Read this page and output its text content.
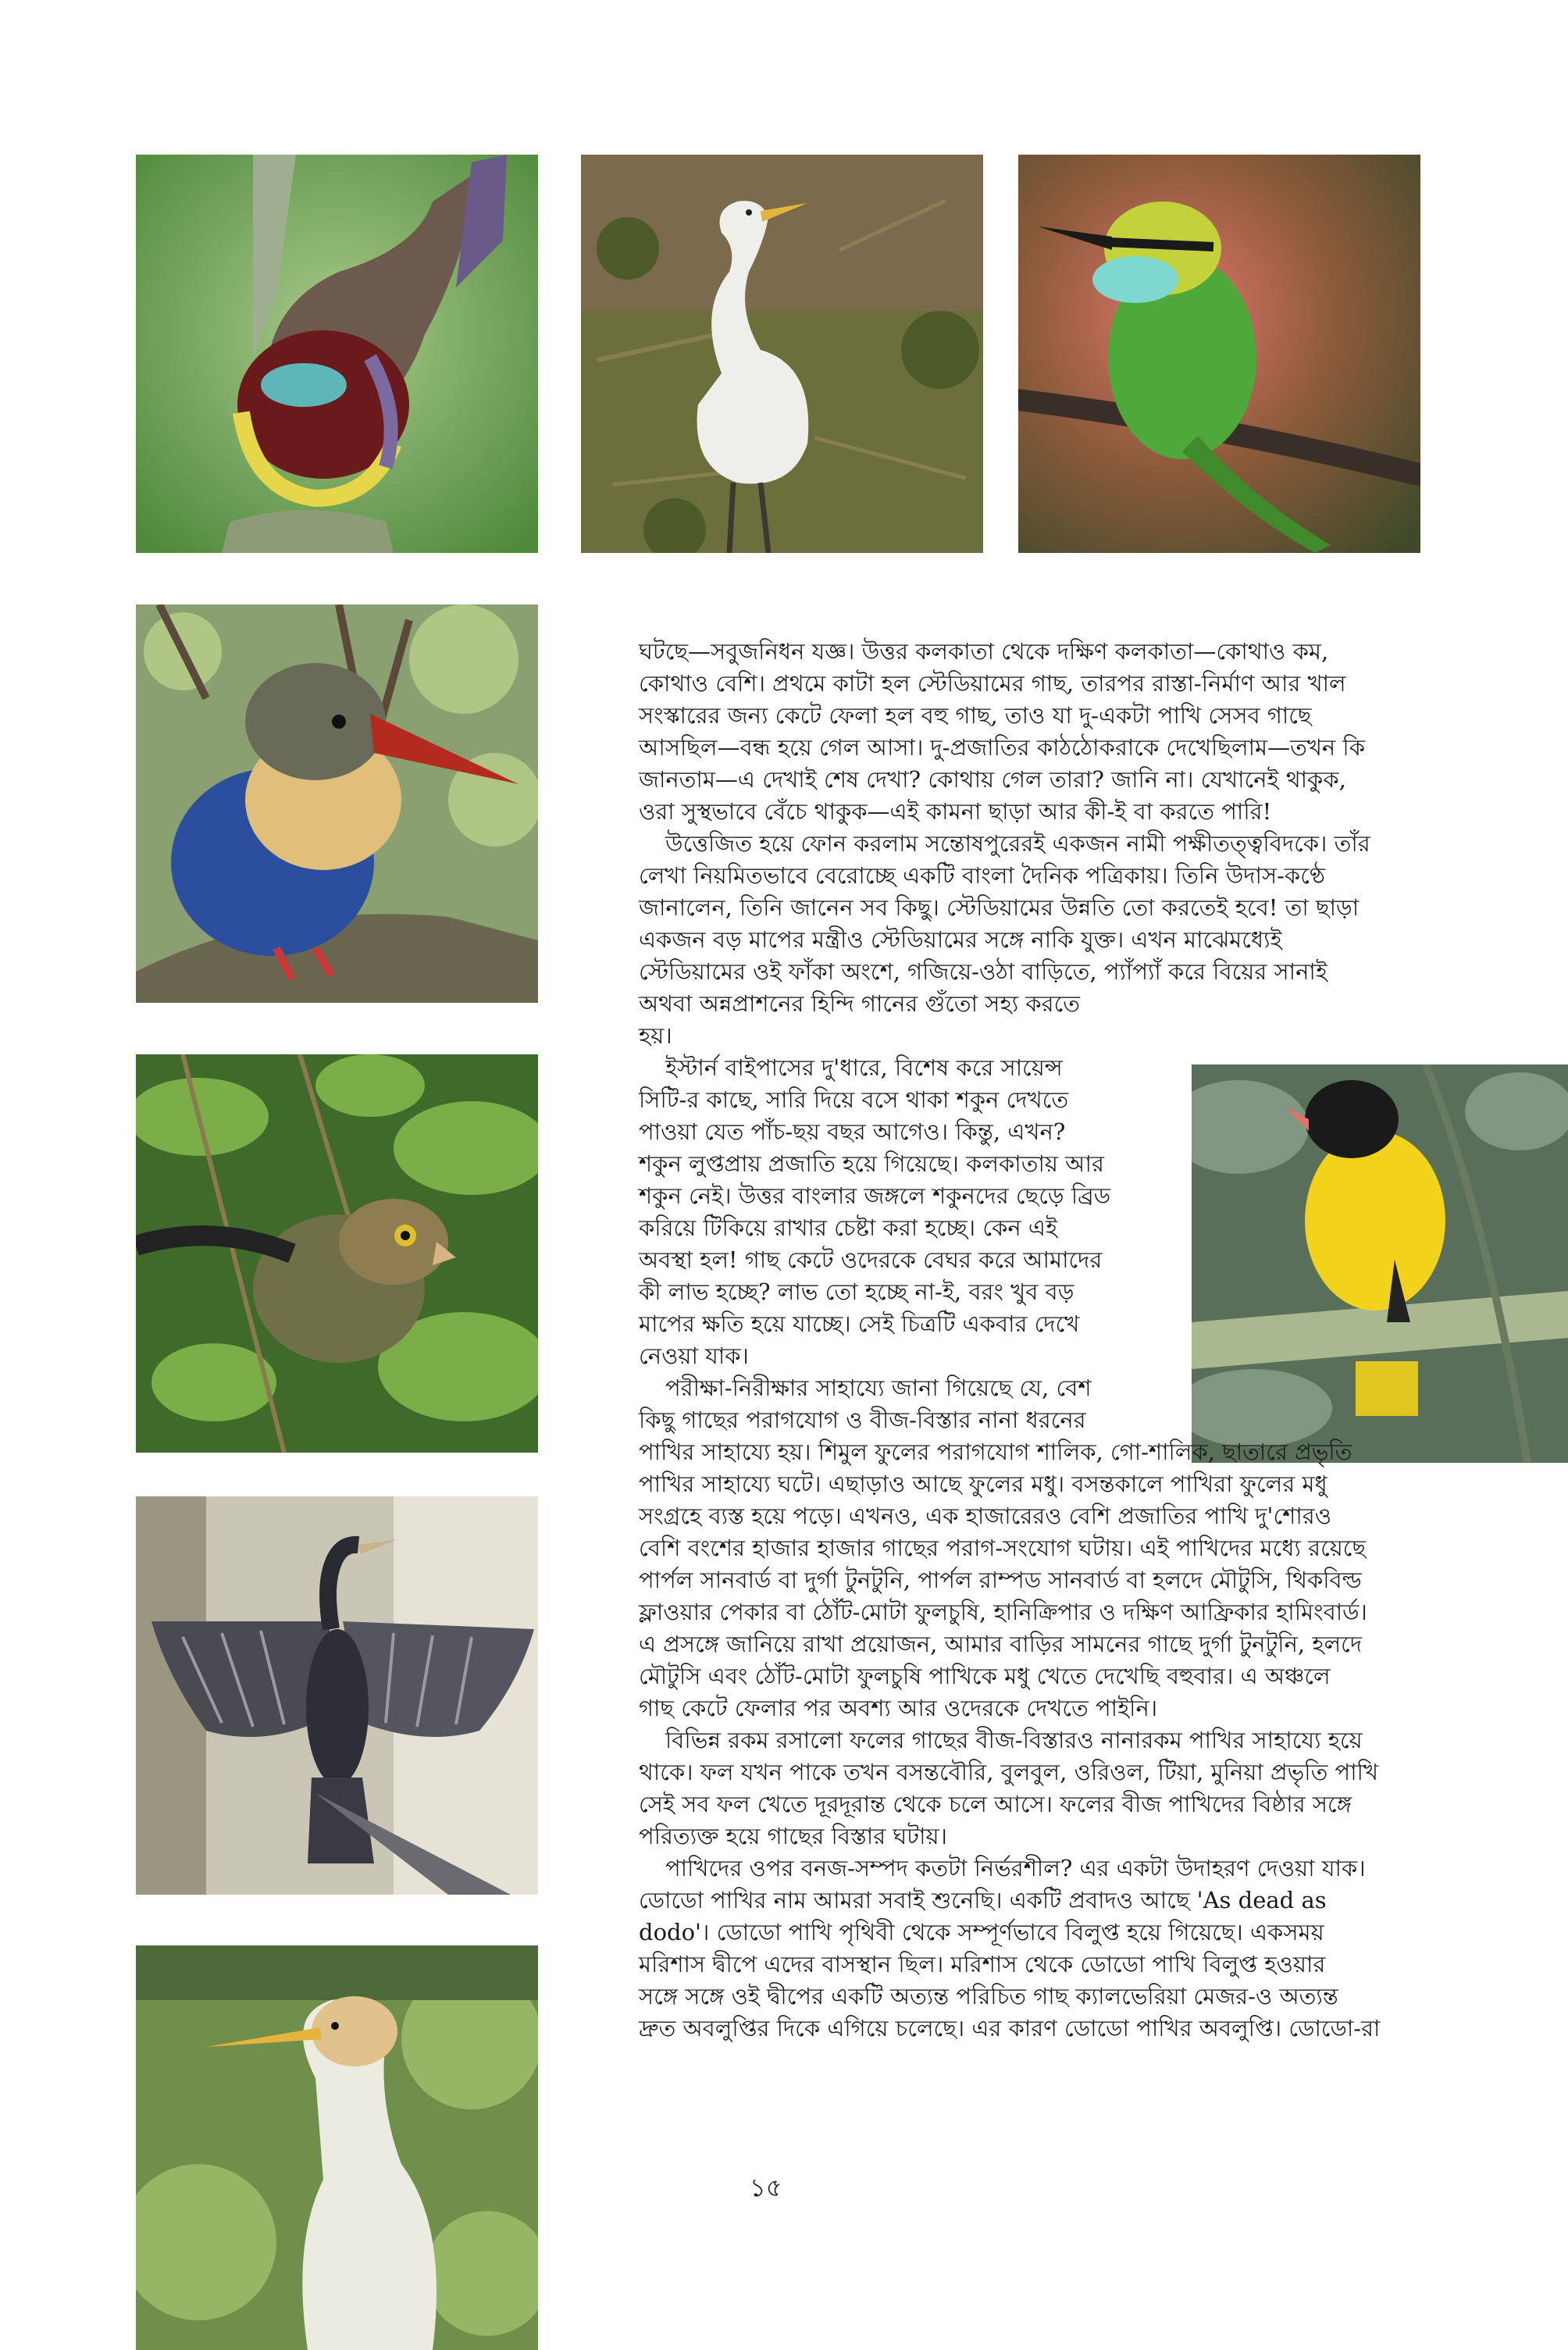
ঘটছে—সবুজনিধন যজ্ঞ। উত্তর কলকাতা থেকে দক্ষিণ কলকাতা—কোথাও কম,
কোথাও বেশি। প্রথমে কাটা হল স্টেডিয়ামের গাছ, তারপর রাস্তা-নির্মাণ আর খাল
সংস্কারের জন্য কেটে ফেলা হল বহু গাছ, তাও যা দু-একটা পাখি সেসব গাছে
আসছিল—বন্ধ হয়ে গেল আসা। দু-প্রজাতির কাঠঠোকরাকে দেখেছিলাম—তখন কি
জানতাম—এ দেখাই শেষ দেখা? কোথায় গেল তারা? জানি না। যেখানেই থাকুক,
ওরা সুস্থভাবে বেঁচে থাকুক—এই কামনা ছাড়া আর কী-ই বা করতে পারি!
উত্তেজিত হয়ে ফোন করলাম সন্তোষপুরেরই একজন নামী পক্ষীতত্ত্ববিদকে। তাঁর
লেখা নিয়মিতভাবে বেরোচ্ছে একটি বাংলা দৈনিক পত্রিকায়। তিনি উদাস-কণ্ঠে
জানালেন, তিনি জানেন সব কিছু। স্টেডিয়ামের উন্নতি তো করতেই হবে! তা ছাড়া
একজন বড় মাপের মন্ত্রীও স্টেডিয়ামের সঙ্গে নাকি যুক্ত। এখন মাঝেমধ্যেই
স্টেডিয়ামের ওই ফাঁকা অংশে, গজিয়ে-ওঠা বাড়িতে, প্যাঁপ্যাঁ করে বিয়ের সানাই
অথবা অন্নপ্রাশনের হিন্দি গানের গুঁতো সহ্য করতে
হয়।
ইস্টার্ন বাইপাসের দু'ধারে, বিশেষ করে সায়েন্স
সিটি-র কাছে, সারি দিয়ে বসে থাকা শকুন দেখতে
পাওয়া যেত পাঁচ-ছয় বছর আগেও। কিন্তু, এখন?
শকুন লুপ্তপ্রায় প্রজাতি হয়ে গিয়েছে। কলকাতায় আর
শকুন নেই। উত্তর বাংলার জঙ্গলে শকুনদের ছেড়ে ব্রিড
করিয়ে টিকিয়ে রাখার চেষ্টা করা হচ্ছে। কেন এই
অবস্থা হল! গাছ কেটে ওদেরকে বেঘর করে আমাদের
কী লাভ হচ্ছে? লাভ তো হচ্ছে না-ই, বরং খুব বড়
মাপের ক্ষতি হয়ে যাচ্ছে। সেই চিত্রটি একবার দেখে
নেওয়া যাক।
পরীক্ষা-নিরীক্ষার সাহায্যে জানা গিয়েছে যে, বেশ
কিছু গাছের পরাগযোগ ও বীজ-বিস্তার নানা ধরনের
পাখির সাহায্যে হয়। শিমুল ফুলের পরাগযোগ শালিক, গো-শালিক, ছাতারে প্রভৃতি
পাখির সাহায্যে ঘটে। এছাড়াও আছে ফুলের মধু। বসন্তকালে পাখিরা ফুলের মধু
সংগ্রহে ব্যস্ত হয়ে পড়ে। এখনও, এক হাজারেরও বেশি প্রজাতির পাখি দু'শোরও
বেশি বংশের হাজার হাজার গাছের পরাগ-সংযোগ ঘটায়। এই পাখিদের মধ্যে রয়েছে
পার্পল সানবার্ড বা দুর্গা টুনটুনি, পার্পল রাম্পড সানবার্ড বা হলদে মৌটুসি, থিকবিল্ড
ফ্লাওয়ার পেকার বা ঠোঁট-মোটা ফুলচুষি, হানিক্রিপার ও দক্ষিণ আফ্রিকার হামিংবার্ড।
এ প্রসঙ্গে জানিয়ে রাখা প্রয়োজন, আমার বাড়ির সামনের গাছে দুর্গা টুনটুনি, হলদে
মৌটুসি এবং ঠোঁট-মোটা ফুলচুষি পাখিকে মধু খেতে দেখেছি বহুবার। এ অঞ্চলে
গাছ কেটে ফেলার পর অবশ্য আর ওদেরকে দেখতে পাইনি।
বিভিন্ন রকম রসালো ফলের গাছের বীজ-বিস্তারও নানারকম পাখির সাহায্যে হয়ে
থাকে। ফল যখন পাকে তখন বসন্তবৌরি, বুলবুল, ওরিওল, টিয়া, মুনিয়া প্রভৃতি পাখি
সেই সব ফল খেতে দূরদূরান্ত থেকে চলে আসে। ফলের বীজ পাখিদের বিষ্ঠার সঙ্গে
পরিত্যক্ত হয়ে গাছের বিস্তার ঘটায়।
পাখিদের ওপর বনজ-সম্পদ কতটা নির্ভরশীল? এর একটা উদাহরণ দেওয়া যাক।
ডোডো পাখির নাম আমরা সবাই শুনেছি। একটি প্রবাদও আছে 'As dead as
dodo'। ডোডো পাখি পৃথিবী থেকে সম্পূর্ণভাবে বিলুপ্ত হয়ে গিয়েছে। একসময়
মরিশাস দ্বীপে এদের বাসস্থান ছিল। মরিশাস থেকে ডোডো পাখি বিলুপ্ত হওয়ার
সঙ্গে সঙ্গে ওই দ্বীপের একটি অত্যন্ত পরিচিত গাছ ক্যালভেরিয়া মেজর-ও অত্যন্ত
দ্রুত অবলুপ্তির দিকে এগিয়ে চলেছে। এর কারণ ডোডো পাখির অবলুপ্তি। ডোডো-রা
১৫
